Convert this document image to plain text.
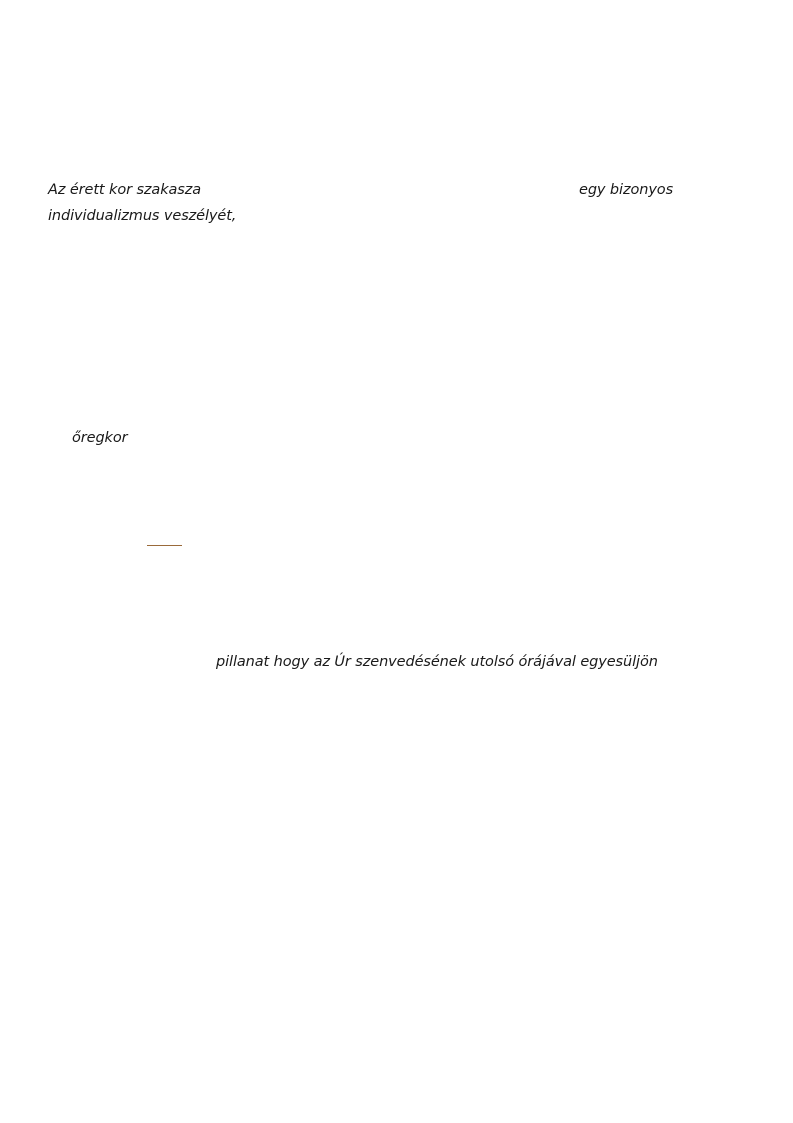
Az érett kor szakasza	egy bizonyos
individualizmus veszélyét,
őregkor
pillanat hogy az Úr szenvedésének utolsó órájával egyesüljön
